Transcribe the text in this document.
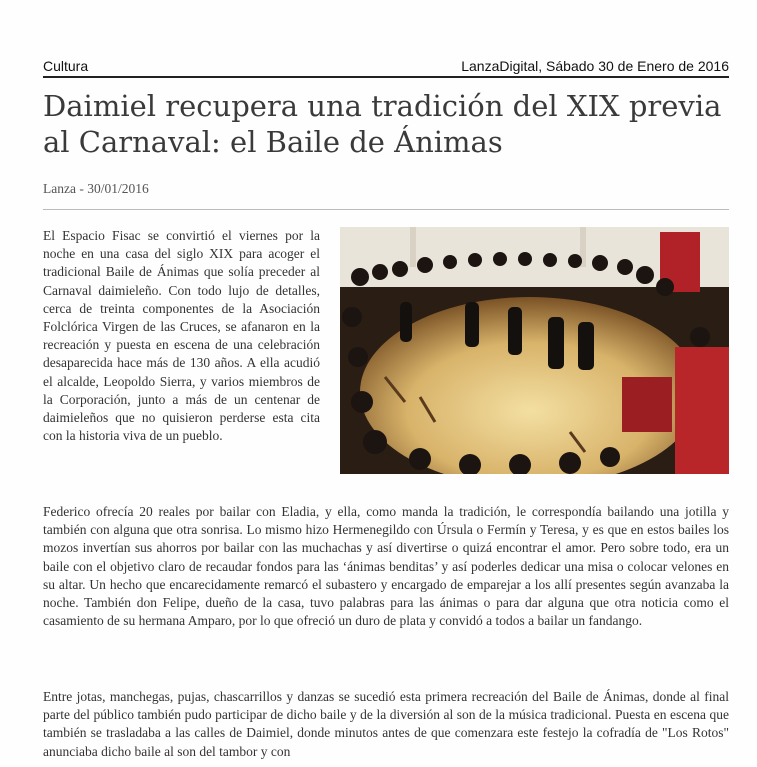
Cultura	LanzaDigital, Sábado 30 de Enero de 2016
Daimiel recupera una tradición del XIX previa al Carnaval: el Baile de Ánimas
Lanza - 30/01/2016

El Espacio Fisac se convirtió el viernes por la noche en una casa del siglo XIX para acoger el tradicional Baile de Ánimas que solía preceder al Carnaval daimieleño. Con todo lujo de detalles, cerca de treinta componentes de la Asociación Folclórica Virgen de las Cruces, se afanaron en la recreación y puesta en escena de una celebración desaparecida hace más de 130 años. A ella acudió el alcalde, Leopoldo Sierra, y varios miembros de la Corporación, junto a más de un centenar de daimieleños que no quisieron perderse esta cita con la historia viva de un pueblo.

Federico ofrecía 20 reales por bailar con Eladia, y ella, como manda la tradición, le correspondía bailando una jotilla y también con alguna que otra sonrisa. Lo mismo hizo Hermenegildo con Úrsula o Fermín y Teresa, y es que en estos bailes los mozos invertían sus ahorros por bailar con las muchachas y así divertirse o quizá encontrar el amor. Pero sobre todo, era un baile con el objetivo claro de recaudar fondos para las ‘ánimas benditas’ y así poderles dedicar una misa o colocar velones en su altar. Un hecho que encarecidamente remarcó el subastero y encargado de emparejar a los allí presentes según avanzaba la noche. También don Felipe, dueño de la casa, tuvo palabras para las ánimas o para dar alguna que otra noticia como el casamiento de su hermana Amparo, por lo que ofreció un duro de plata y convidó a todos a bailar un fandango.

Entre jotas, manchegas, pujas, chascarrillos y danzas se sucedió esta primera recreación del Baile de Ánimas, donde al final parte del público también pudo participar de dicho baile y de la diversión al son de la música tradicional. Puesta en escena que también se trasladaba a las calles de Daimiel, donde minutos antes de que comenzara este festejo la cofradía de "Los Rotos" anunciaba dicho baile al son del tambor y con
